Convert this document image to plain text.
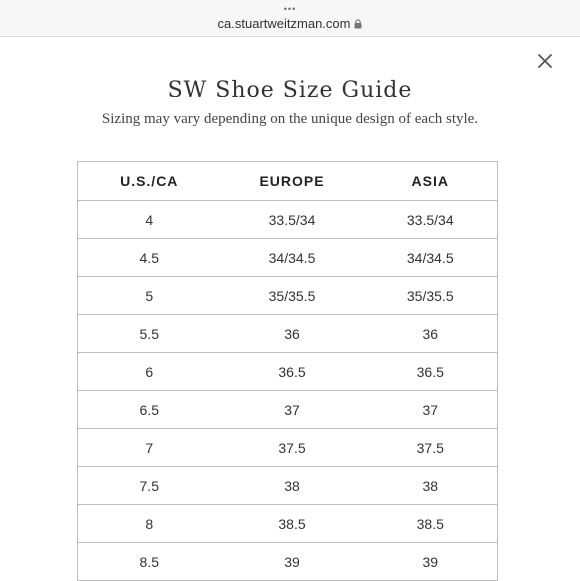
•••
ca.stuartweitzman.com
SW Shoe Size Guide
Sizing may vary depending on the unique design of each style.
U.S./CA	EUROPE	ASIA
4	33.5/34	33.5/34
4.5	34/34.5	34/34.5
5	35/35.5	35/35.5
5.5	36	36
6	36.5	36.5
6.5	37	37
7	37.5	37.5
7.5	38	38
8	38.5	38.5
8.5	39	39
